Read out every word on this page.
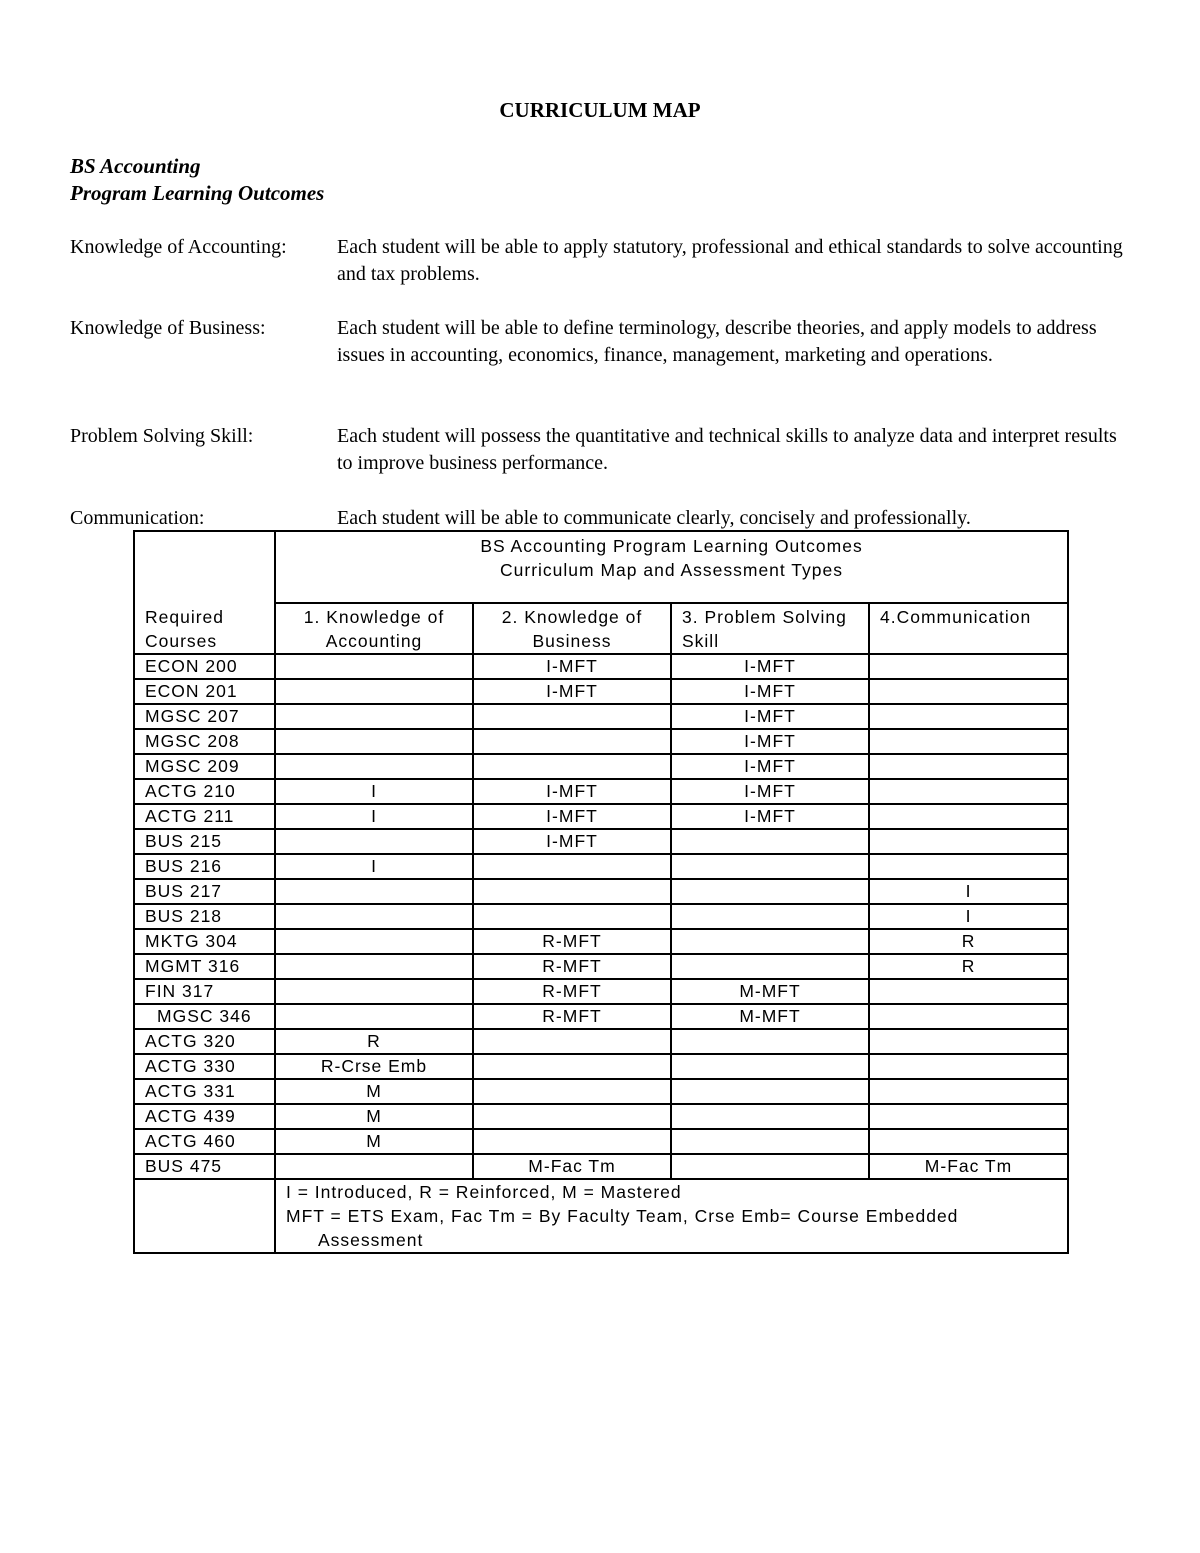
CURRICULUM MAP
BS Accounting
Program Learning Outcomes
Knowledge of Accounting:	Each student will be able to apply statutory, professional and ethical standards to solve accounting and tax problems.
Knowledge of Business:	Each student will be able to define terminology, describe theories, and apply models to address issues in accounting, economics, finance, management, marketing and operations.
Problem Solving Skill:	Each student will possess the quantitative and technical skills to analyze data and interpret results to improve business performance.
Communication:	Each student will be able to communicate clearly, concisely and professionally.

	BS Accounting Program Learning Outcomes
Curriculum Map and Assessment Types			

Required Courses	1. Knowledge of Accounting	2. Knowledge of Business	3. Problem Solving Skill	4.Communication
ECON 200		I-MFT	I-MFT	
ECON 201		I-MFT	I-MFT	
MGSC 207			I-MFT	
MGSC 208			I-MFT	
MGSC 209			I-MFT	
ACTG 210	I	I-MFT	I-MFT	
ACTG 211	I	I-MFT	I-MFT	
BUS 215		I-MFT		
BUS 216	I			
BUS 217				I
BUS 218				I
MKTG 304		R-MFT		R
MGMT 316		R-MFT		R
FIN 317		R-MFT	M-MFT	
MGSC 346		R-MFT	M-MFT	
ACTG 320	R			
ACTG 330	R-Crse Emb			
ACTG 331	M			
ACTG 439	M			
ACTG 460	M			
BUS 475		M-Fac Tm		M-Fac Tm

	I = Introduced, R = Reinforced, M = Mastered
MFT = ETS Exam, Fac Tm = By Faculty Team, Crse Emb= Course Embedded
Assessment			
